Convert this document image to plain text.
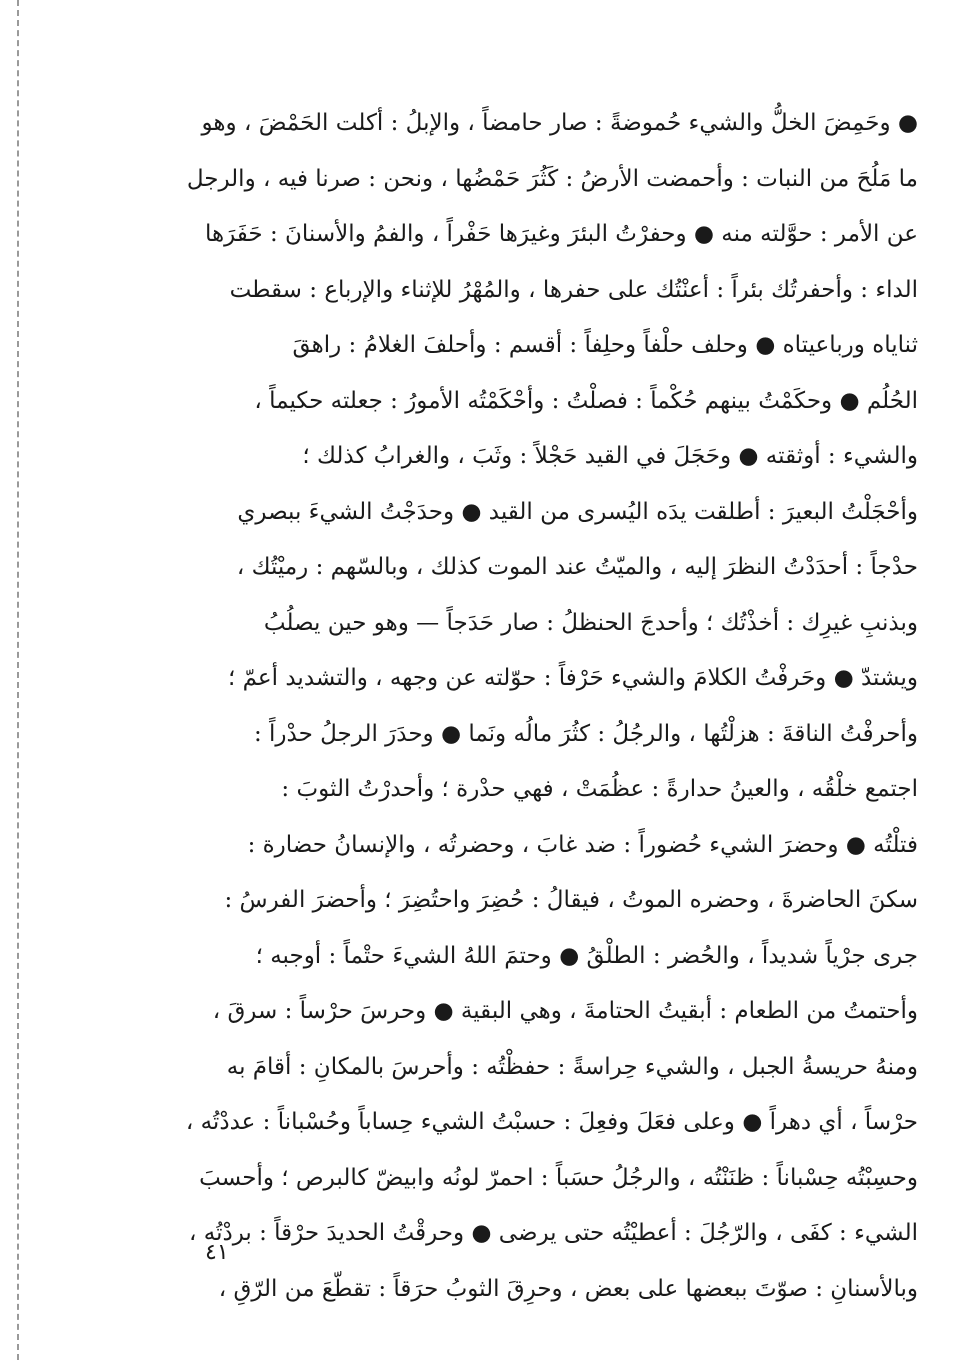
● وحَمِضَ الخلُّ والشيء حُموضةً : صار حامضاً ، والإبلُ : أكلت الحَمْضَ ، وهو
ما مَلُحَ من النبات : وأحمضت الأرضُ : كَثُرَ حَمْضُها ، ونحن : صرنا فيه ، والرجل
عن الأمر : حوَّلته منه ● وحفرْتُ البئرَ وغيرَها حَفْراً ، والفمُ والأسنانَ : حَفَرَها
الداء : وأحفرتُك بئراً : أعنْتُك على حفرها ، والمُهْرُ للإثناء والإرباع : سقطت
ثناياه ورباعيتاه ● وحلف حلْفاً وحلِفاً : أقسم : وأحلفَ الغلامُ : راهقَ
الحُلُم ● وحكَمْتُ بينهم حُكْماً : فصلْتُ : وأحْكَمْتُه الأمورُ : جعلته حكيماً ،
والشيء : أوثقته ● وحَجَلَ في القيد حَجْلاً : وثَبَ ، والغرابُ كذلك ؛
وأحْجَلْتُ البعيرَ : أطلقت يدَه اليُسرى من القيد ● وحدَجْتُ الشيءَ ببصري
حدْجاً : أحدَدْتُ النظرَ إليه ، والميّتُ عند الموت كذلك ، وبالسّهم : رميْتُك ،
وبذنبِ غيرِك : أخذْتُك ؛ وأحدجَ الحنظلُ : صار حَدَجاً — وهو حين يصلُبُ
ويشتدّ ● وحَرفْتُ الكلامَ والشيء حَرْفاً : حوّلته عن وجهه ، والتشديد أعمّ ؛
وأحرفْتُ الناقةَ : هزلْتُها ، والرجُلُ : كثُرَ مالُه ونَما ● وحدَرَ الرجلُ حدْراً :
اجتمع خلْقُه ، والعينُ حدارةً : عظُمَتْ ، فهي حدْرة ؛ وأحدرْتُ الثوبَ :
فتلْتُه ● وحضرَ الشيء حُضوراً : ضد غابَ ، وحضرتُه ، والإنسانُ حضارة :
سكنَ الحاضرةَ ، وحضره الموتُ ، فيقالُ : حُضِرَ واحتُضِرَ ؛ وأحضرَ الفرسُ :
جرى جرْياً شديداً ، والحُضر : الطلْقُ ● وحتمَ اللهُ الشيءَ حتْماً : أوجبه ؛
وأحتمتُ من الطعام : أبقيتُ الحتامةَ ، وهي البقية ● وحرسَ حرْساً : سرقَ ،
ومنهُ حريسةُ الجبل ، والشيء حِراسةً : حفظْتُه : وأحرسَ بالمكانِ : أقامَ به
حرْساً ، أي دهراً ● وعلى فعَلَ وفعِلَ : حسبْتُ الشيء حِساباً وحُسْباناً : عددْتُه ،
وحسِبْتُه حِسْباناً : ظنَنْتُه ، والرجُلُ حسَباً : احمرّ لونُه وابيضّ كالبرص ؛ وأحسبَ
الشيء : كفَى ، والرّجُلَ : أعطيْتُه حتى يرضى ● وحرقْتُ الحديدَ حرْقاً : بردْتُه ،
وبالأسنانِ : صوّتَ ببعضها على بعض ، وحرِقَ الثوبُ حرَقاً : تقطّعَ من الرّقِ ،
٤١
